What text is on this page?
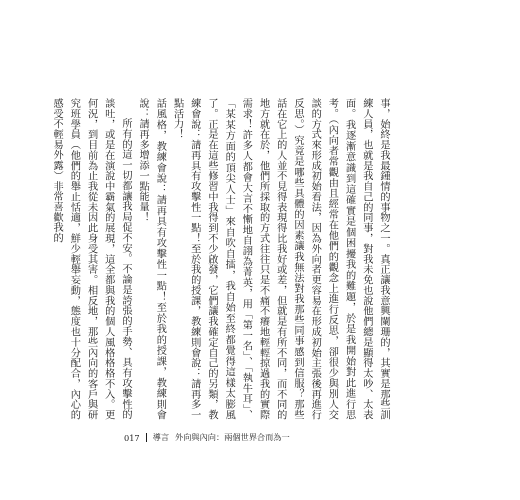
事，始終是我最鍾情的事物之一。真正讓我意興闌珊的，其實是那些訓練人員，也就是我自己的同事，對我未免也說他們總是顯得太吵、太表面。我逐漸意識到這確實是個困擾我的難題，於是我開始對此進行思考。（內向者常觀由且經常在他們的觀念上進行反思，卻很少與別人交談的方式來形成初始看法，因為外向者更容易在形成初始主張後再進行反思。）究竟是哪些具體的因素讓我無法對我那些同事感到信服？那些話在它上的人並不見得表現得比我好或差，但就是有所不同，而不同的地方就在於，他們所採取的方式往往只是不痛不癢地輕輕掠過我的實際需求！許多人都會大言不慚地自詡為菁英，用「第一名」、「執牛耳」、「某某方面的頂尖人士」來自吹自擂，我自始至終都覺得這樣太膨風了。正是在這些修習中我得到不少啟發，它們讓我確定自己的另類，教練會說：請再具有攻擊性一點！至於我的授課，教練則會說：請再多一點活力！

話風格，教練會說：請再具有攻擊性一點！至於我的授課，教練則會說：請再多增添一點能量！

所有的這一切都讓我局促不安。不論是誇張的手勢、具有攻擊性的談吐，或是在演說中霸氣的展現，這全都與我的個人風格格格不入。更何況，到目前為止我從未因此身受其害。相反地，那些內向的客戶與研究班學員（他們的舉止恬適，鮮少輕舉妄動，態度也十分配合，內心的感受不輕易外露）非常喜歡我的

017 導言 外向與內向：兩個世界合而為一
